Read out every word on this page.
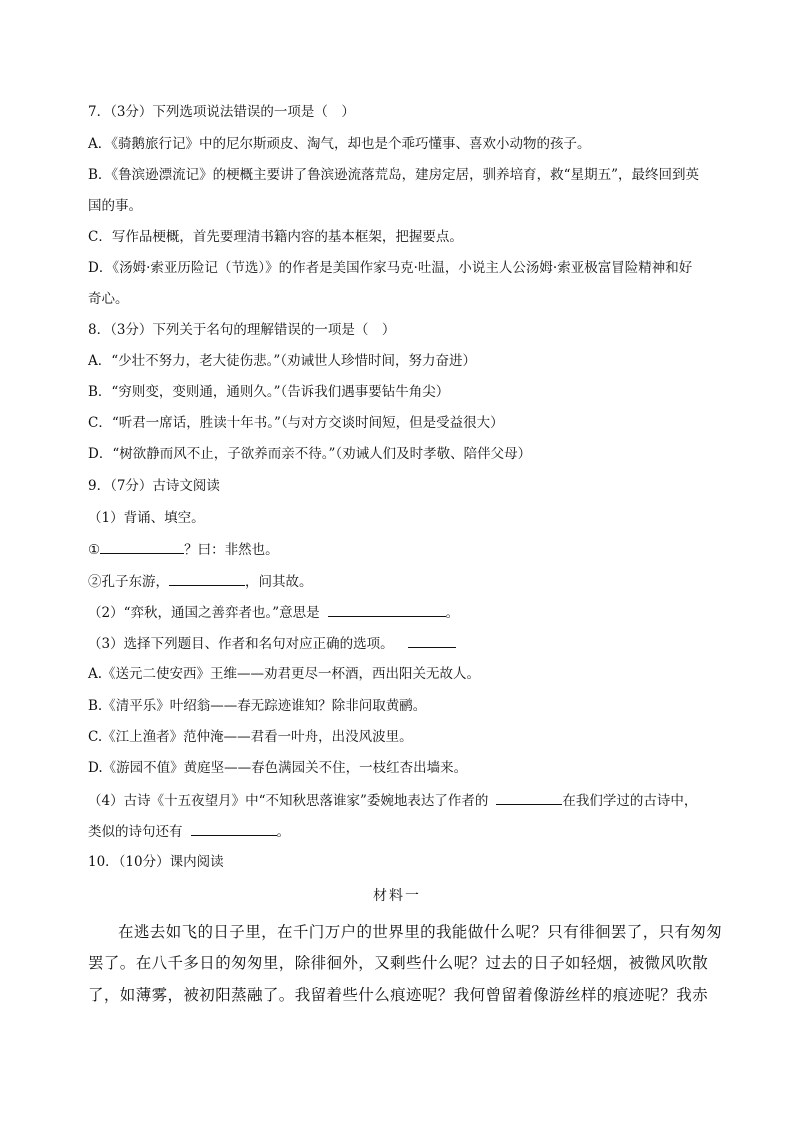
7．（3分）下列选项说法错误的一项是（　）
A．《骑鹅旅行记》中的尼尔斯顽皮、淘气，却也是个乖巧懂事、喜欢小动物的孩子。
B．《鲁滨逊漂流记》的梗概主要讲了鲁滨逊流落荒岛，建房定居，驯养培育，救“星期五”，最终回到英
国的事。
C．写作品梗概，首先要理清书籍内容的基本框架，把握要点。
D．《汤姆·索亚历险记（节选）》的作者是美国作家马克·吐温，小说主人公汤姆·索亚极富冒险精神和好
奇心。
8．（3分）下列关于名句的理解错误的一项是（　）
A．“少壮不努力，老大徒伤悲。”（劝诫世人珍惜时间，努力奋进）
B．“穷则变，变则通，通则久。”（告诉我们遇事要钻牛角尖）
C．“听君一席话，胜读十年书。”（与对方交谈时间短，但是受益很大）
D．“树欲静而风不止，子欲养而亲不待。”（劝诫人们及时孝敬、陪伴父母）
9．（7分）古诗文阅读
（1）背诵、填空。
①	？曰：非然也。
②孔子东游，	，问其故。
（2）“弈秋，通国之善弈者也。”意思是	。
（3）选择下列题目、作者和名句对应正确的选项。
A.《送元二使安西》王维——劝君更尽一杯酒，西出阳关无故人。
B.《清平乐》叶绍翁——春无踪迹谁知？除非问取黄鹂。
C.《江上渔者》范仲淹——君看一叶舟，出没风波里。
D.《游园不值》黄庭坚——春色满园关不住，一枝红杏出墙来。
（4）古诗《十五夜望月》中“不知秋思落谁家”委婉地表达了作者的	在我们学过的古诗中，
类似的诗句还有	。
10．（10分）课内阅读
材料一
在逃去如飞的日子里，在千门万户的世界里的我能做什么呢？只有徘徊罢了，只有匆匆
罢了。在八千多日的匆匆里，除徘徊外，又剩些什么呢？过去的日子如轻烟，被微风吹散
了，如薄雾，被初阳蒸融了。我留着些什么痕迹呢？我何曾留着像游丝样的痕迹呢？我赤
